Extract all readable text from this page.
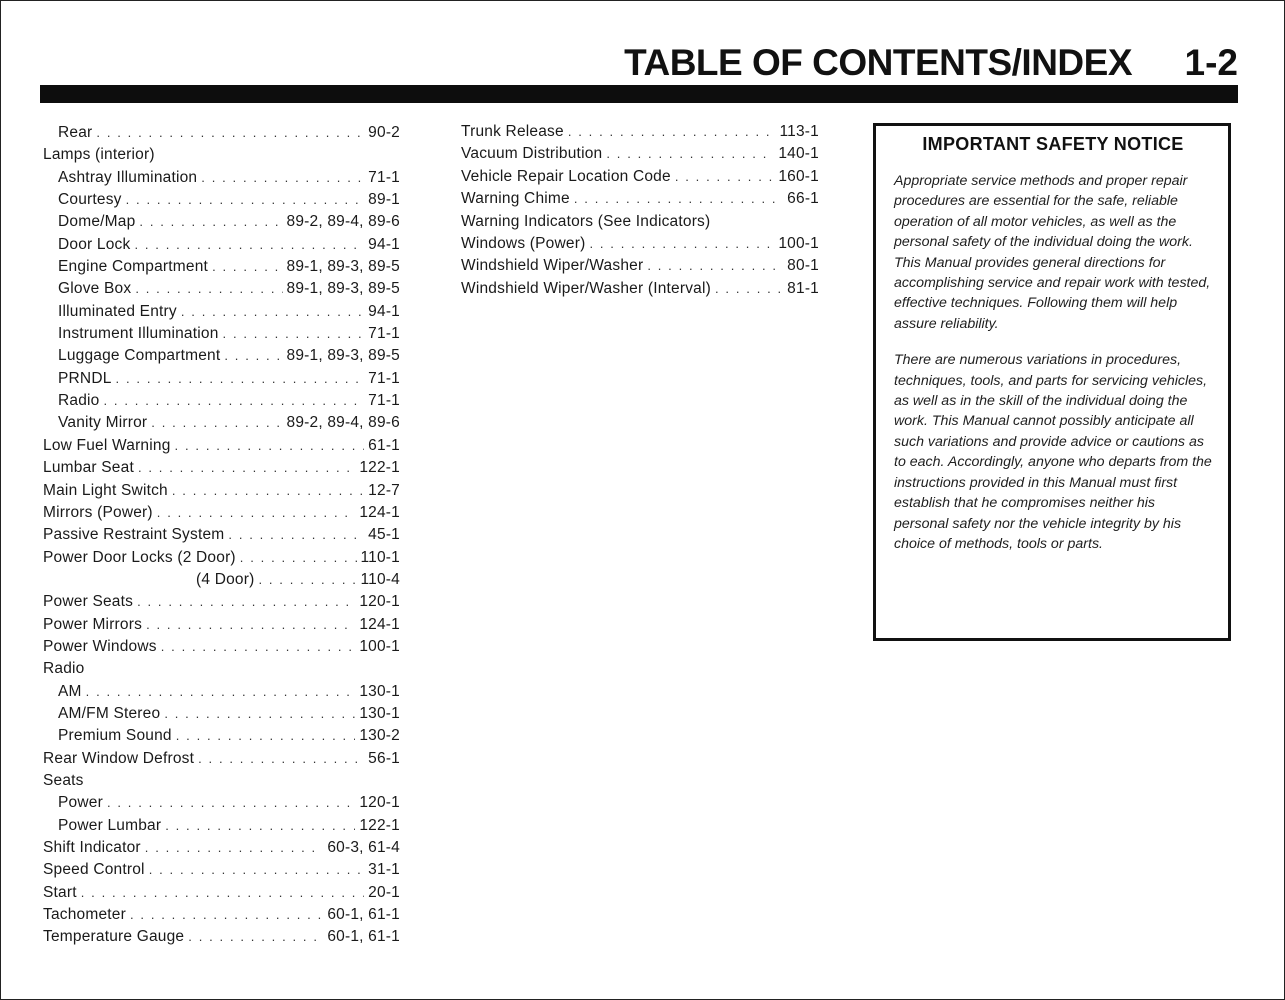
TABLE OF CONTENTS/INDEX 1-2
Rear . . .	90-2
Lamps (interior)
Ashtray Illumination . . .	71-1
Courtesy . . .	89-1
Dome/Map . . .	89-2, 89-4, 89-6
Door Lock . . .	94-1
Engine Compartment . . .	89-1, 89-3, 89-5
Glove Box . . .	89-1, 89-3, 89-5
Illuminated Entry . . .	94-1
Instrument Illumination . . .	71-1
Luggage Compartment . . .	89-1, 89-3, 89-5
PRNDL . . .	71-1
Radio . . .	71-1
Vanity Mirror . . .	89-2, 89-4, 89-6
Low Fuel Warning . . .	61-1
Lumbar Seat . . .	122-1
Main Light Switch . . .	12-7
Mirrors (Power) . . .	124-1
Passive Restraint System . . .	45-1
Power Door Locks (2 Door) . . .	110-1
(4 Door) . . .	110-4
Power Seats . . .	120-1
Power Mirrors . . .	124-1
Power Windows . . .	100-1
Radio
AM . . .	130-1
AM/FM Stereo . . .	130-1
Premium Sound . . .	130-2
Rear Window Defrost . . .	56-1
Seats
Power . . .	120-1
Power Lumbar . . .	122-1
Shift Indicator . . .	60-3, 61-4
Speed Control . . .	31-1
Start . . .	20-1
Tachometer . . .	60-1, 61-1
Temperature Gauge . . .	60-1, 61-1
Trunk Release . . .	113-1
Vacuum Distribution . . .	140-1
Vehicle Repair Location Code . . .	160-1
Warning Chime . . .	66-1
Warning Indicators (See Indicators)
Windows (Power) . . .	100-1
Windshield Wiper/Washer . . .	80-1
Windshield Wiper/Washer (Interval) . . .	81-1
IMPORTANT SAFETY NOTICE

Appropriate service methods and proper repair procedures are essential for the safe, reliable operation of all motor vehicles, as well as the personal safety of the individual doing the work. This Manual provides general directions for accomplishing service and repair work with tested, effective techniques. Following them will help assure reliability.

There are numerous variations in procedures, techniques, tools, and parts for servicing vehicles, as well as in the skill of the individual doing the work. This Manual cannot possibly anticipate all such variations and provide advice or cautions as to each. Accordingly, anyone who departs from the instructions provided in this Manual must first establish that he compromises neither his personal safety nor the vehicle integrity by his choice of methods, tools or parts.
